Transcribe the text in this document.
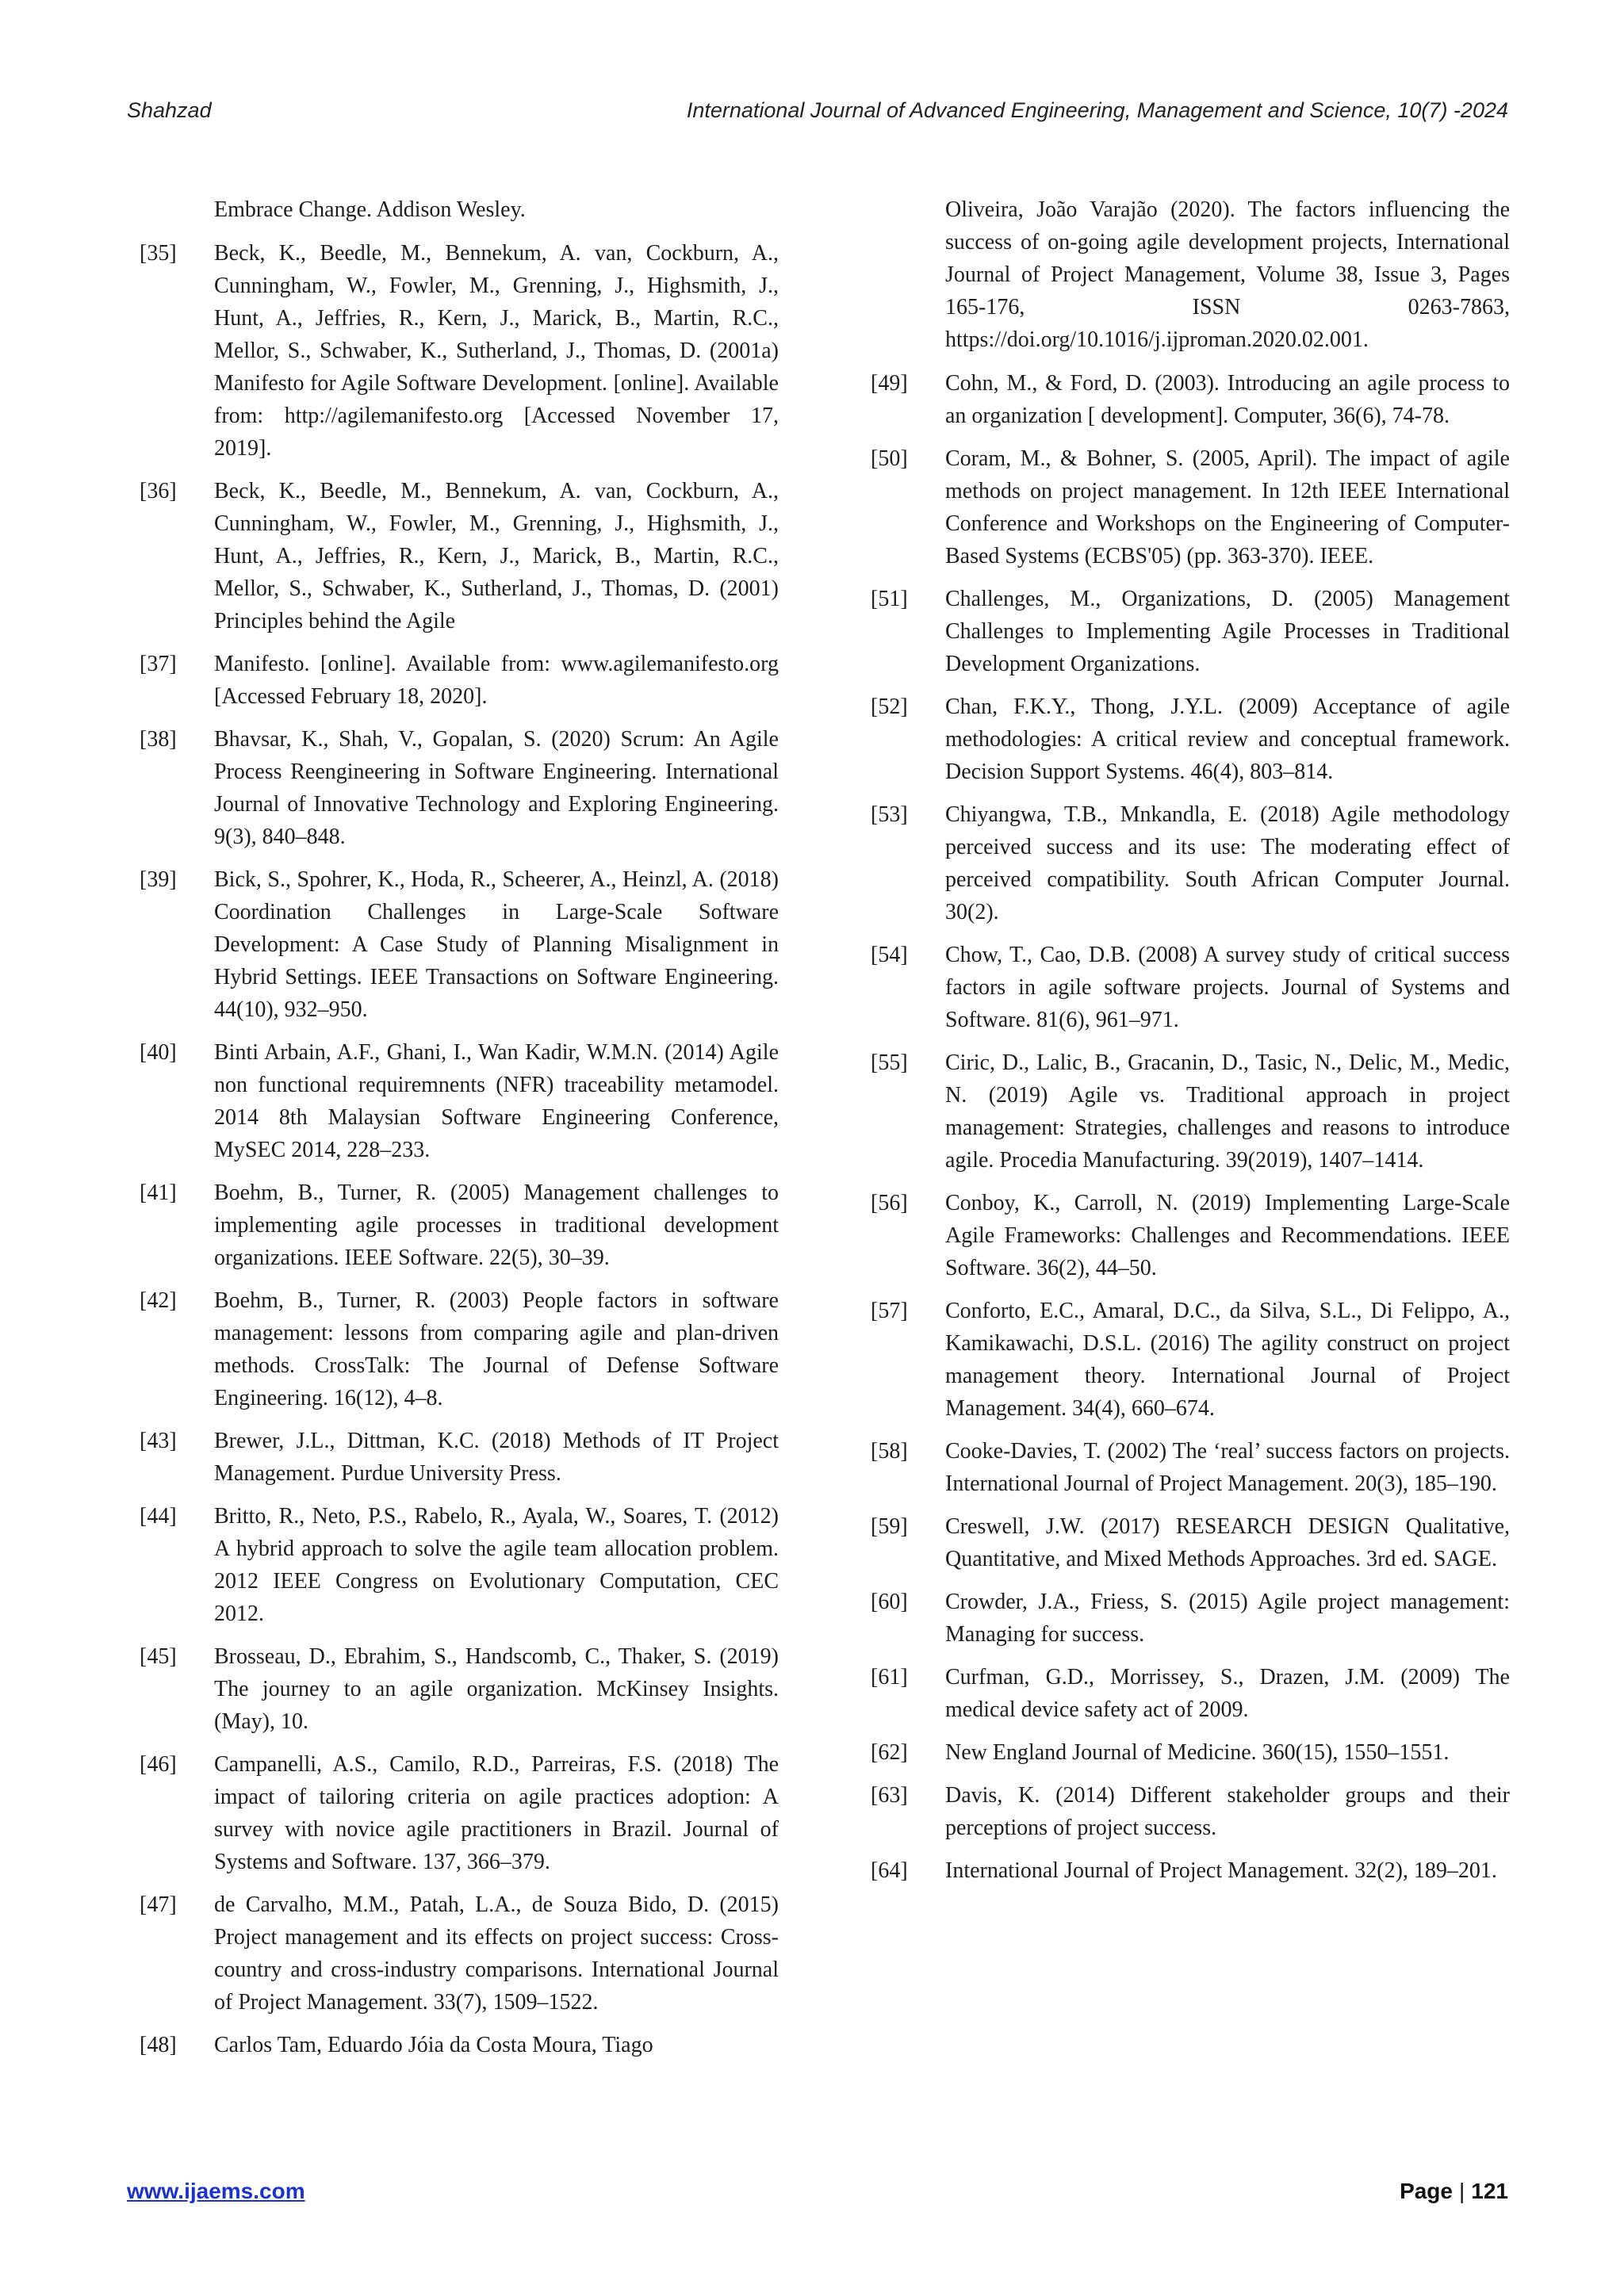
Shahzad	International Journal of Advanced Engineering, Management and Science, 10(7) -2024
Embrace Change. Addison Wesley.
[35]	Beck, K., Beedle, M., Bennekum, A. van, Cockburn, A., Cunningham, W., Fowler, M., Grenning, J., Highsmith, J., Hunt, A., Jeffries, R., Kern, J., Marick, B., Martin, R.C., Mellor, S., Schwaber, K., Sutherland, J., Thomas, D. (2001a) Manifesto for Agile Software Development. [online]. Available from: http://agilemanifesto.org [Accessed November 17, 2019].
[36]	Beck, K., Beedle, M., Bennekum, A. van, Cockburn, A., Cunningham, W., Fowler, M., Grenning, J., Highsmith, J., Hunt, A., Jeffries, R., Kern, J., Marick, B., Martin, R.C., Mellor, S., Schwaber, K., Sutherland, J., Thomas, D. (2001) Principles behind the Agile
[37]	Manifesto. [online]. Available from: www.agilemanifesto.org [Accessed February 18, 2020].
[38]	Bhavsar, K., Shah, V., Gopalan, S. (2020) Scrum: An Agile Process Reengineering in Software Engineering. International Journal of Innovative Technology and Exploring Engineering. 9(3), 840–848.
[39]	Bick, S., Spohrer, K., Hoda, R., Scheerer, A., Heinzl, A. (2018) Coordination Challenges in Large-Scale Software Development: A Case Study of Planning Misalignment in Hybrid Settings. IEEE Transactions on Software Engineering. 44(10), 932–950.
[40]	Binti Arbain, A.F., Ghani, I., Wan Kadir, W.M.N. (2014) Agile non functional requiremnents (NFR) traceability metamodel. 2014 8th Malaysian Software Engineering Conference, MySEC 2014, 228–233.
[41]	Boehm, B., Turner, R. (2005) Management challenges to implementing agile processes in traditional development organizations. IEEE Software. 22(5), 30–39.
[42]	Boehm, B., Turner, R. (2003) People factors in software management: lessons from comparing agile and plan-driven methods. CrossTalk: The Journal of Defense Software Engineering. 16(12), 4–8.
[43]	Brewer, J.L., Dittman, K.C. (2018) Methods of IT Project Management. Purdue University Press.
[44]	Britto, R., Neto, P.S., Rabelo, R., Ayala, W., Soares, T. (2012) A hybrid approach to solve the agile team allocation problem. 2012 IEEE Congress on Evolutionary Computation, CEC 2012.
[45]	Brosseau, D., Ebrahim, S., Handscomb, C., Thaker, S. (2019) The journey to an agile organization. McKinsey Insights. (May), 10.
[46]	Campanelli, A.S., Camilo, R.D., Parreiras, F.S. (2018) The impact of tailoring criteria on agile practices adoption: A survey with novice agile practitioners in Brazil. Journal of Systems and Software. 137, 366–379.
[47]	de Carvalho, M.M., Patah, L.A., de Souza Bido, D. (2015) Project management and its effects on project success: Cross-country and cross-industry comparisons. International Journal of Project Management. 33(7), 1509–1522.
[48]	Carlos Tam, Eduardo Jóia da Costa Moura, Tiago
Oliveira, João Varajão (2020). The factors influencing the success of on-going agile development projects, International Journal of Project Management, Volume 38, Issue 3, Pages 165-176, ISSN 0263-7863, https://doi.org/10.1016/j.ijproman.2020.02.001.
[49]	Cohn, M., & Ford, D. (2003). Introducing an agile process to an organization [ development]. Computer, 36(6), 74-78.
[50]	Coram, M., & Bohner, S. (2005, April). The impact of agile methods on project management. In 12th IEEE International Conference and Workshops on the Engineering of Computer-Based Systems (ECBS'05) (pp. 363-370). IEEE.
[51]	Challenges, M., Organizations, D. (2005) Management Challenges to Implementing Agile Processes in Traditional Development Organizations.
[52]	Chan, F.K.Y., Thong, J.Y.L. (2009) Acceptance of agile methodologies: A critical review and conceptual framework. Decision Support Systems. 46(4), 803–814.
[53]	Chiyangwa, T.B., Mnkandla, E. (2018) Agile methodology perceived success and its use: The moderating effect of perceived compatibility. South African Computer Journal. 30(2).
[54]	Chow, T., Cao, D.B. (2008) A survey study of critical success factors in agile software projects. Journal of Systems and Software. 81(6), 961–971.
[55]	Ciric, D., Lalic, B., Gracanin, D., Tasic, N., Delic, M., Medic, N. (2019) Agile vs. Traditional approach in project management: Strategies, challenges and reasons to introduce agile. Procedia Manufacturing. 39(2019), 1407–1414.
[56]	Conboy, K., Carroll, N. (2019) Implementing Large-Scale Agile Frameworks: Challenges and Recommendations. IEEE Software. 36(2), 44–50.
[57]	Conforto, E.C., Amaral, D.C., da Silva, S.L., Di Felippo, A., Kamikawachi, D.S.L. (2016) The agility construct on project management theory. International Journal of Project Management. 34(4), 660–674.
[58]	Cooke-Davies, T. (2002) The ‘real’ success factors on projects. International Journal of Project Management. 20(3), 185–190.
[59]	Creswell, J.W. (2017) RESEARCH DESIGN Qualitative, Quantitative, and Mixed Methods Approaches. 3rd ed. SAGE.
[60]	Crowder, J.A., Friess, S. (2015) Agile project management: Managing for success.
[61]	Curfman, G.D., Morrissey, S., Drazen, J.M. (2009) The medical device safety act of 2009.
[62]	New England Journal of Medicine. 360(15), 1550–1551.
[63]	Davis, K. (2014) Different stakeholder groups and their perceptions of project success.
[64]	International Journal of Project Management. 32(2), 189–201.
www.ijaems.com	Page | 121
